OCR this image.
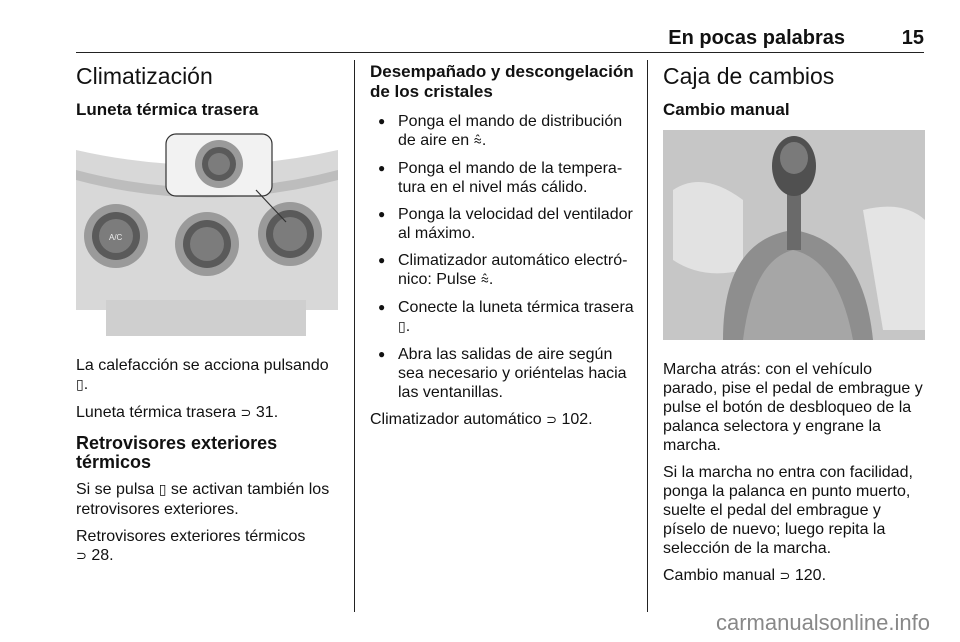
En pocas palabras	15
Climatización
Luneta térmica trasera
A/C

La calefacción se acciona pulsando
▯.

Luneta térmica trasera ⊃ 31.

Retrovisores exteriores térmicos

Si se pulsa ▯ se activan también los retrovisores exteriores.

Retrovisores exteriores térmicos
⊃ 28.

Desempañado y descongelación de los cristales
● Ponga el mando de distribución de aire en ⩯.
● Ponga el mando de la temperatura en el nivel más cálido.
● Ponga la velocidad del ventilador al máximo.
● Climatizador automático electrónico: Pulse ⩯.
● Conecte la luneta térmica trasera ▯.
● Abra las salidas de aire según sea necesario y oriéntelas hacia las ventanillas.

Climatizador automático ⊃ 102.

Caja de cambios
Cambio manual

Marcha atrás: con el vehículo parado, pise el pedal de embrague y pulse el botón de desbloqueo de la palanca selectora y engrane la marcha.

Si la marcha no entra con facilidad, ponga la palanca en punto muerto, suelte el pedal del embrague y píselo de nuevo; luego repita la selección de la marcha.

Cambio manual ⊃ 120.

carmanualsonline.info
